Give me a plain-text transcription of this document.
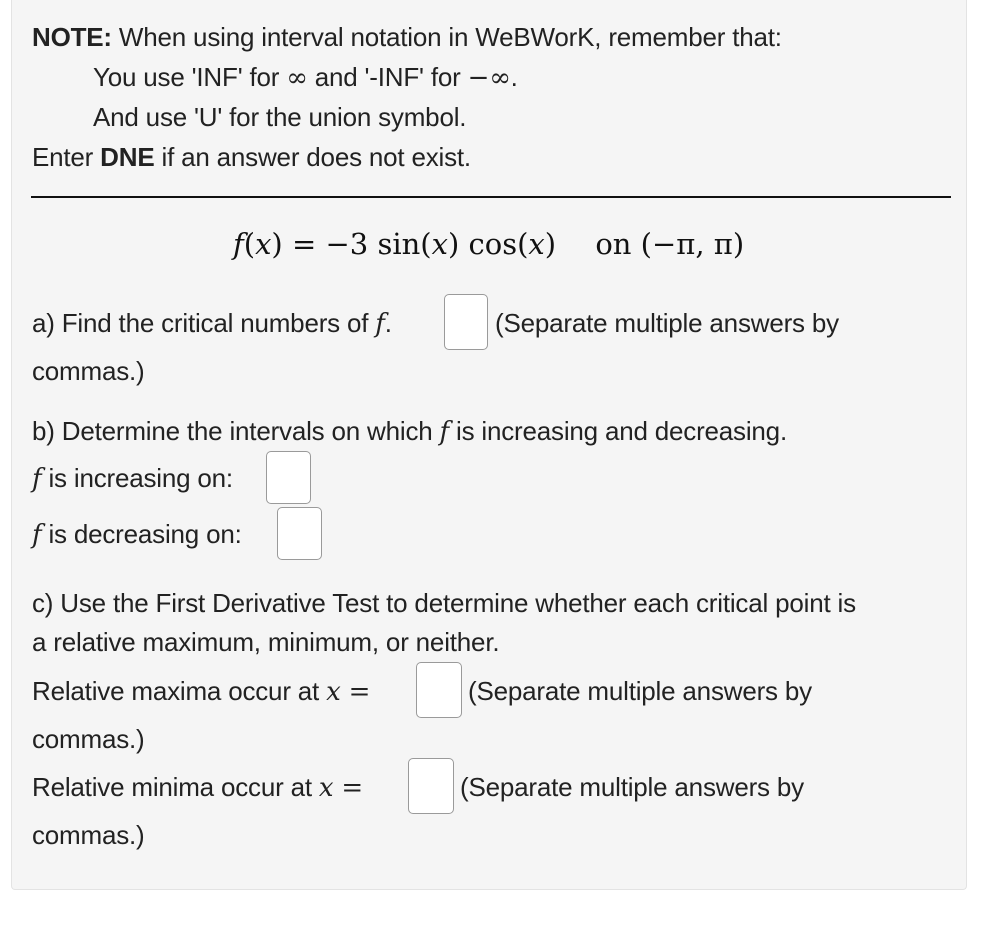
NOTE: When using interval notation in WeBWorK, remember that:
You use 'INF' for ∞ and '-INF' for −∞.
And use 'U' for the union symbol.
Enter DNE if an answer does not exist.
f(x) = −3 sin(x) cos(x) on (−π, π)
a) Find the critical numbers of f.	(Separate multiple answers by
commas.)
b) Determine the intervals on which f is increasing and decreasing.
f is increasing on:
f is decreasing on:
c) Use the First Derivative Test to determine whether each critical point is
a relative maximum, minimum, or neither.
Relative maxima occur at x =	(Separate multiple answers by
commas.)
Relative minima occur at x =	(Separate multiple answers by
commas.)
